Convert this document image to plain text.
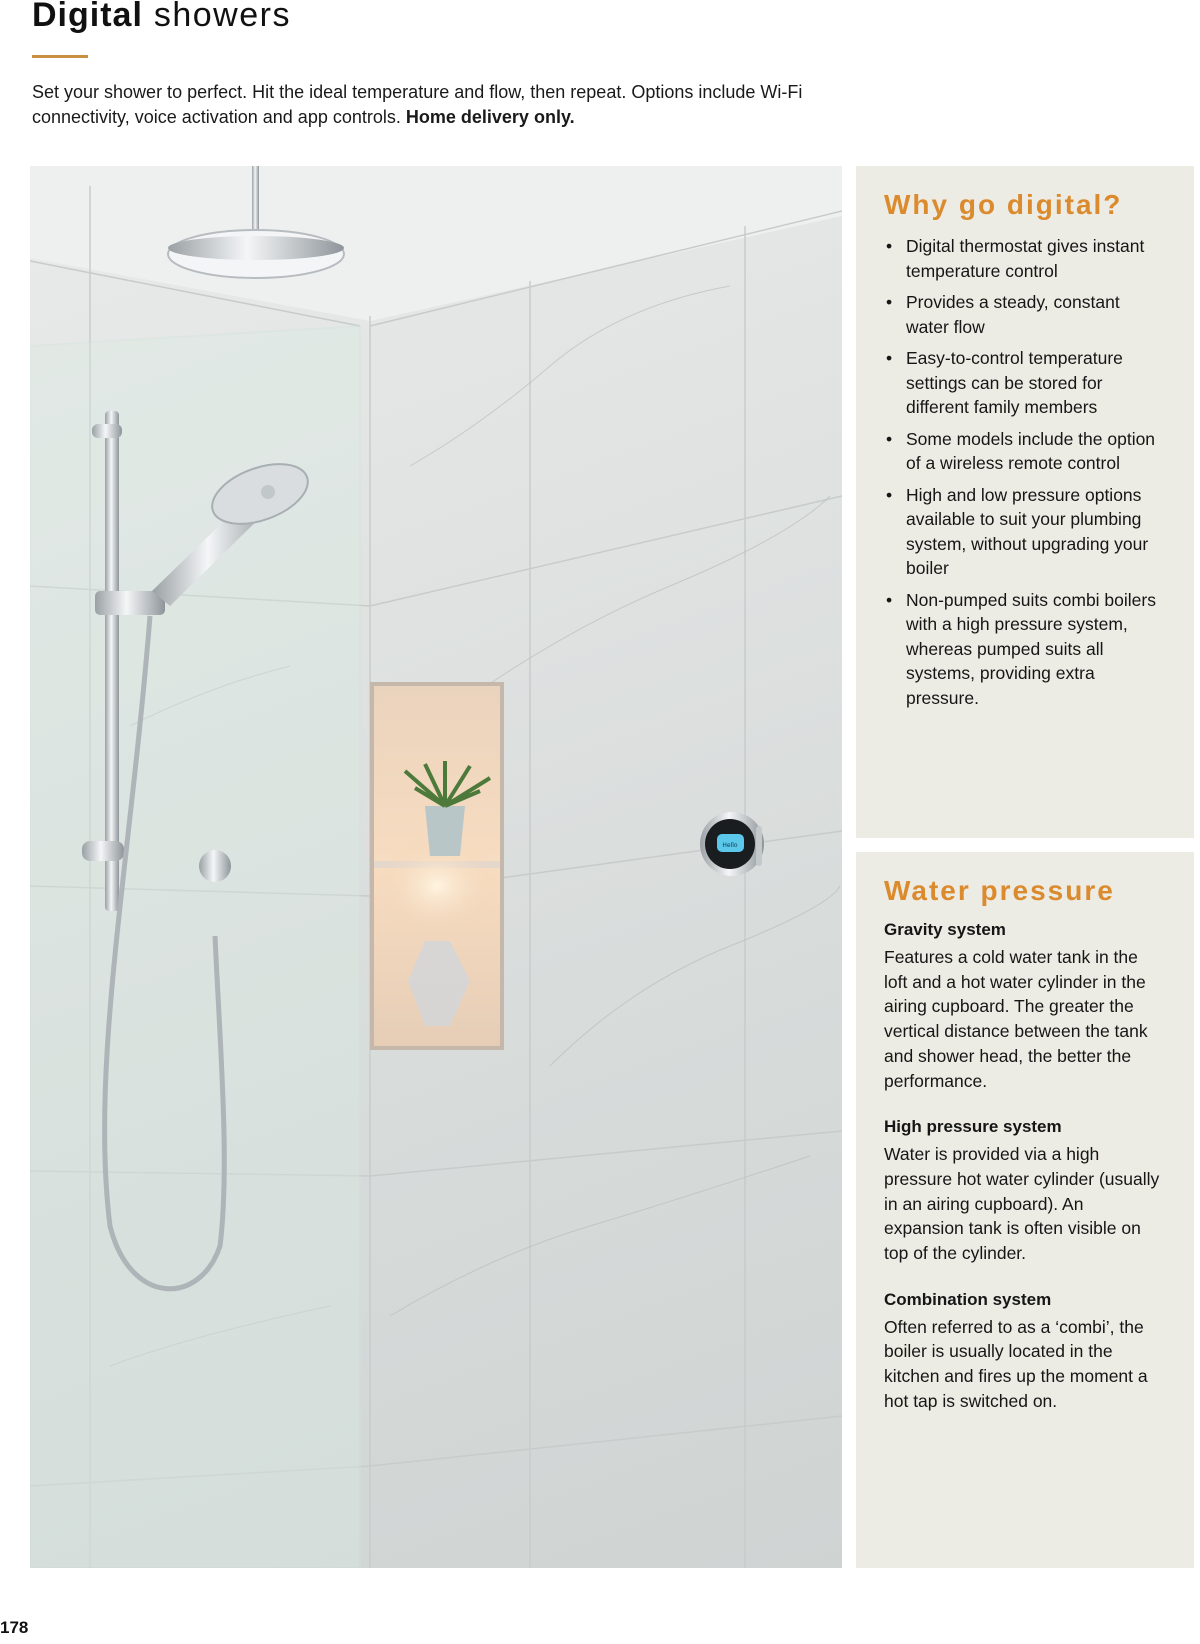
Digital showers

Set your shower to perfect. Hit the ideal temperature and flow, then repeat. Options include Wi-Fi connectivity, voice activation and app controls. Home delivery only.

Hello
Why go digital?
• Digital thermostat gives instant temperature control
• Provides a steady, constant water flow
• Easy-to-control temperature settings can be stored for different family members
• Some models include the option of a wireless remote control
• High and low pressure options available to suit your plumbing system, without upgrading your boiler
• Non-pumped suits combi boilers with a high pressure system, whereas pumped suits all systems, providing extra pressure.
Water pressure
Gravity system

Features a cold water tank in the loft and a hot water cylinder in the airing cupboard. The greater the vertical distance between the tank and shower head, the better the performance.

High pressure system

Water is provided via a high pressure hot water cylinder (usually in an airing cupboard). An expansion tank is often visible on top of the cylinder.

Combination system

Often referred to as a ‘combi’, the boiler is usually located in the kitchen and fires up the moment a hot tap is switched on.

178
